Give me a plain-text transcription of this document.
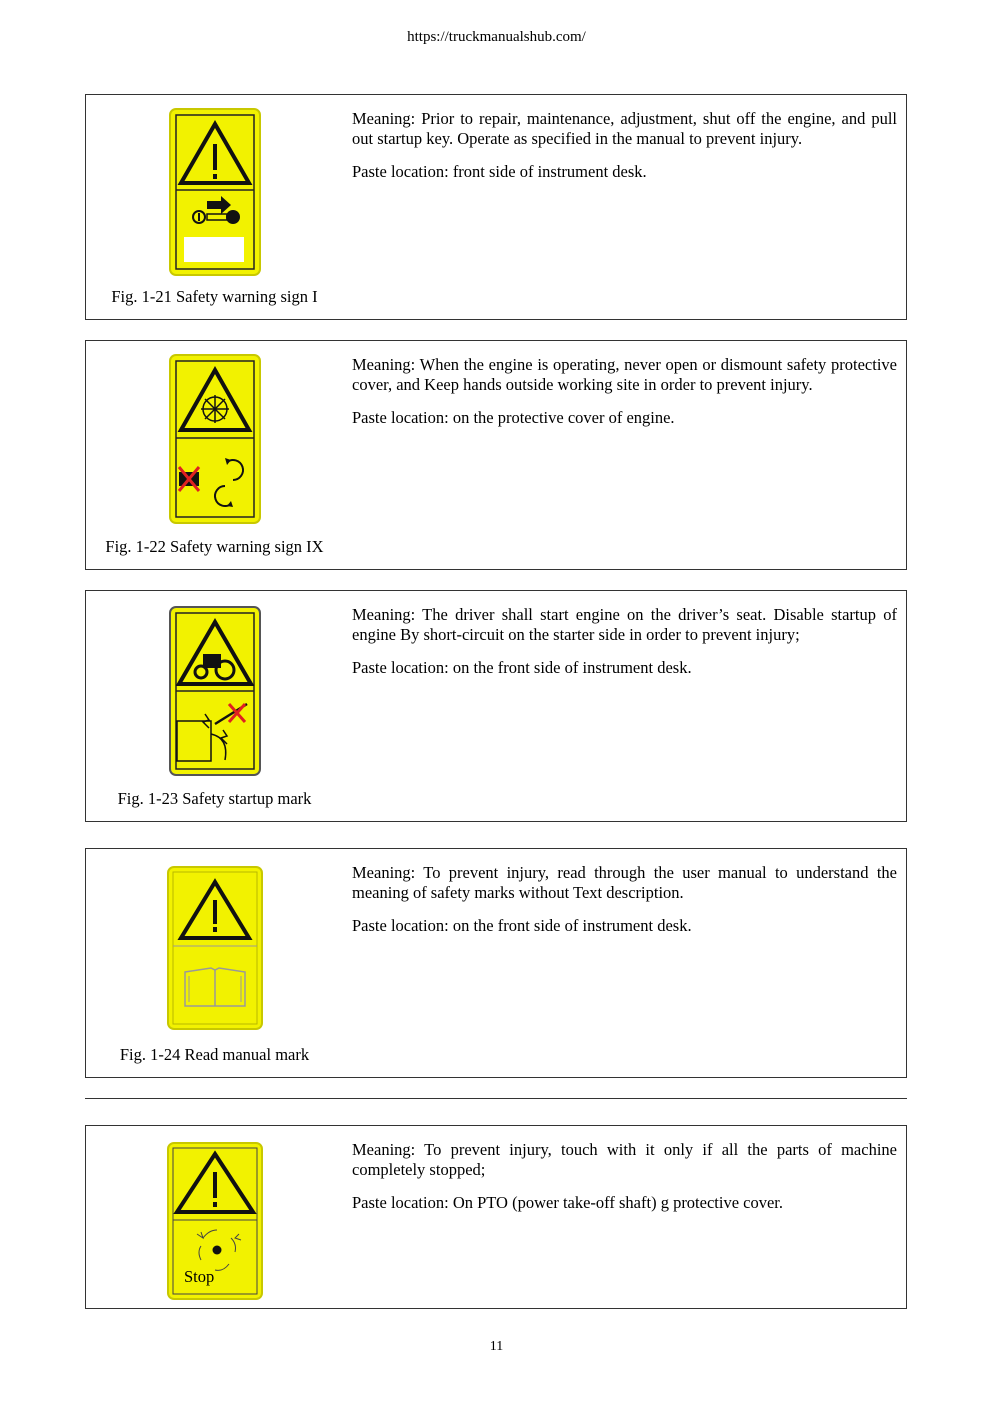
https://truckmanualshub.com/
Fig. 1-21 Safety warning sign I

Meaning: Prior to repair, maintenance, adjustment, shut off the engine, and pull out startup key. Operate as specified in the manual to prevent injury.

Paste location: front side of instrument desk.

Fig. 1-22 Safety warning sign IX

Meaning: When the engine is operating, never open or dismount safety protective cover, and Keep hands outside working site in order to prevent injury.

Paste location: on the protective cover of engine.

Fig. 1-23 Safety startup mark

Meaning: The driver shall start engine on the driver’s seat. Disable startup of engine By short-circuit on the starter side in order to prevent injury;

Paste location: on the front side of instrument desk.

Fig. 1-24 Read manual mark

Meaning: To prevent injury, read through the user manual to understand the meaning of safety marks without Text description.

Paste location: on the front side of instrument desk.

Meaning: To prevent injury, touch with it only if all the parts of machine completely stopped;

Paste location: On PTO (power take-off shaft) g protective cover.

Stop
11
